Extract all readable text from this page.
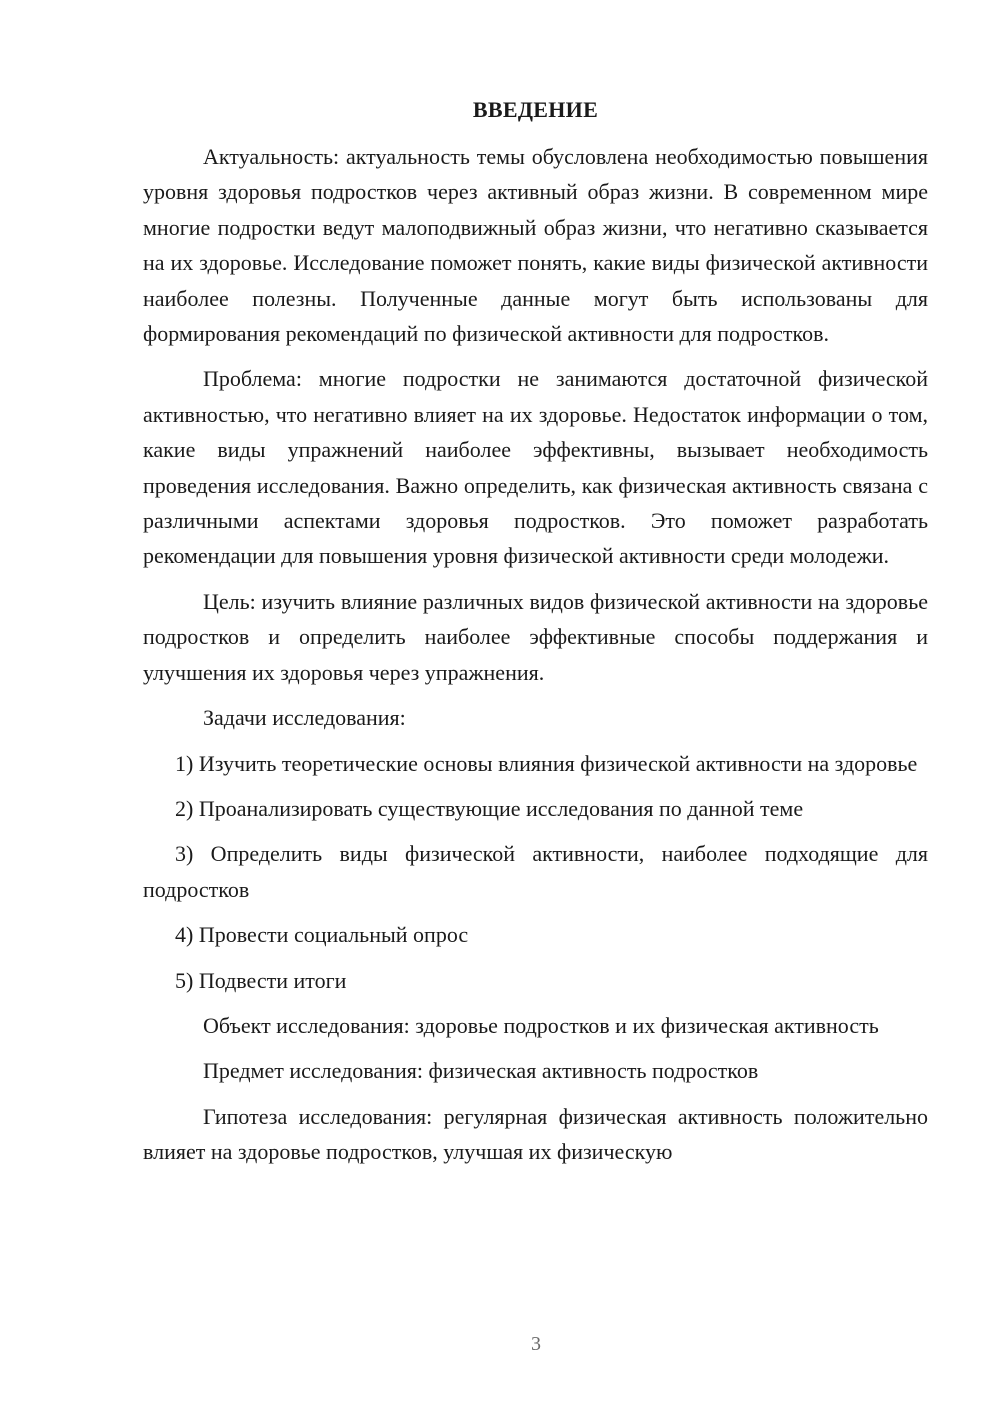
ВВЕДЕНИЕ

Актуальность: актуальность темы обусловлена необходимостью повышения уровня здоровья подростков через активный образ жизни. В современном мире многие подростки ведут малоподвижный образ жизни, что негативно сказывается на их здоровье. Исследование поможет понять, какие виды физической активности наиболее полезны. Полученные данные могут быть использованы для формирования рекомендаций по физической активности для подростков.

Проблема: многие подростки не занимаются достаточной физической активностью, что негативно влияет на их здоровье. Недостаток информации о том, какие виды упражнений наиболее эффективны, вызывает необходимость проведения исследования. Важно определить, как физическая активность связана с различными аспектами здоровья подростков. Это поможет разработать рекомендации для повышения уровня физической активности среди молодежи.

Цель: изучить влияние различных видов физической активности на здоровье подростков и определить наиболее эффективные способы поддержания и улучшения их здоровья через упражнения.

Задачи исследования:

1) Изучить теоретические основы влияния физической активности на здоровье

2) Проанализировать существующие исследования по данной теме

3) Определить виды физической активности, наиболее подходящие для подростков

4) Провести социальный опрос

5) Подвести итоги

Объект исследования: здоровье подростков и их физическая активность

Предмет исследования: физическая активность подростков

Гипотеза исследования: регулярная физическая активность положительно влияет на здоровье подростков, улучшая их физическую

3
